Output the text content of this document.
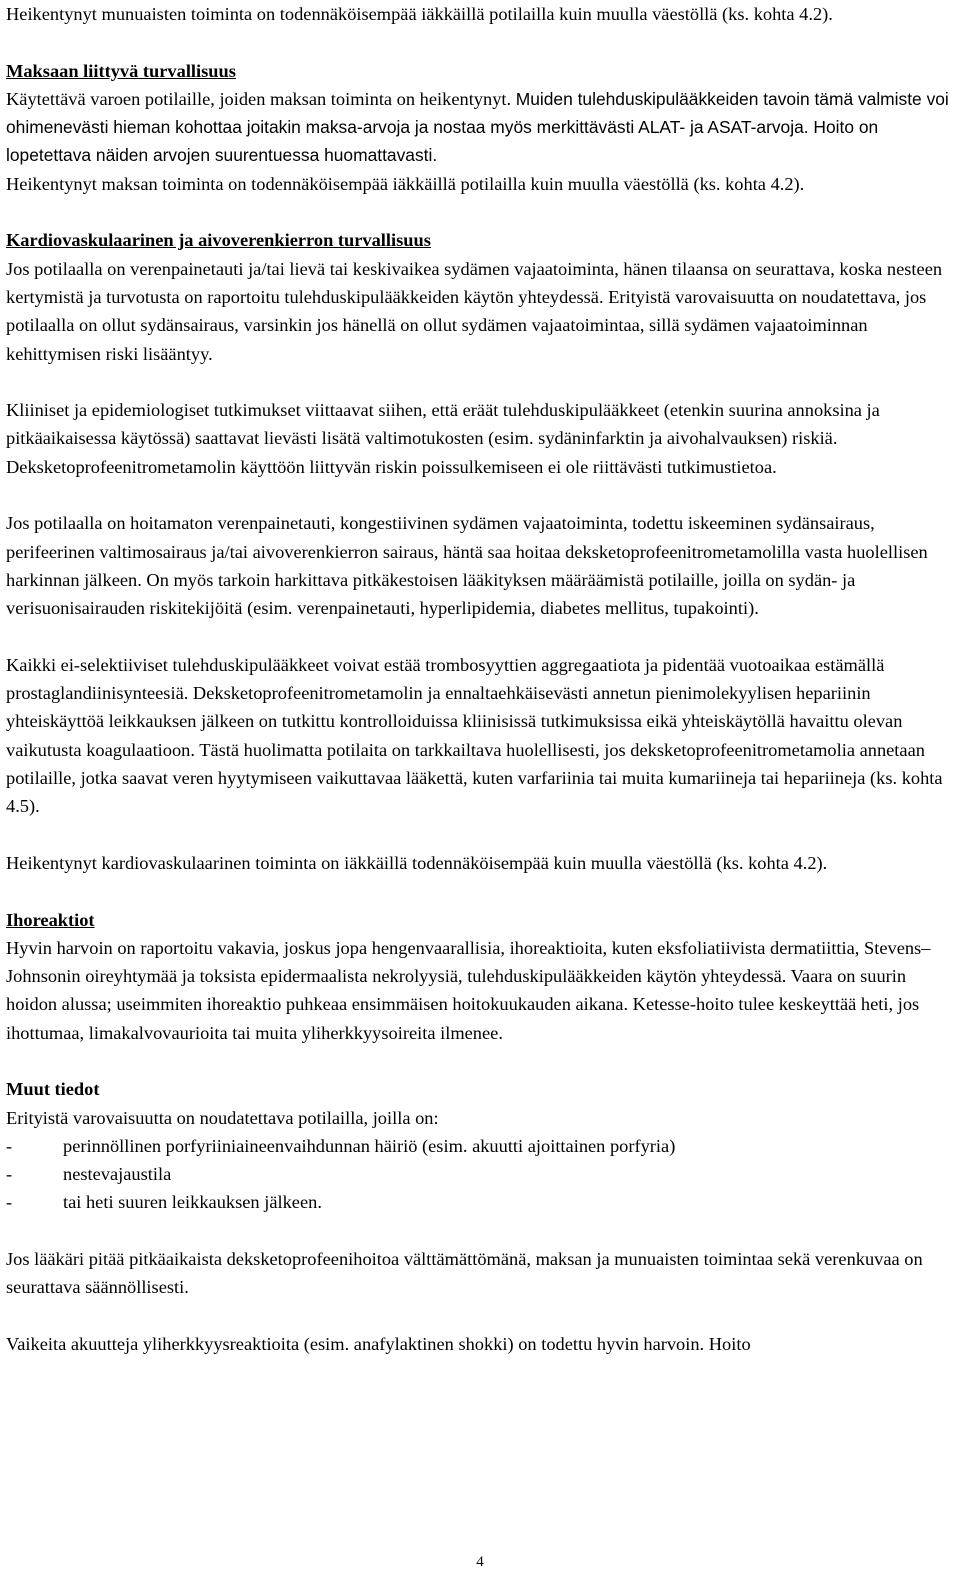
Heikentynyt munuaisten toiminta on todennäköisempää iäkkäillä potilailla kuin muulla väestöllä (ks. kohta 4.2).

Maksaan liittyvä turvallisuus

Käytettävä varoen potilaille, joiden maksan toiminta on heikentynyt. Muiden tulehduskipulääkkeiden tavoin tämä valmiste voi ohimenevästi hieman kohottaa joitakin maksa-arvoja ja nostaa myös merkittävästi ALAT- ja ASAT-arvoja. Hoito on lopetettava näiden arvojen suurentuessa huomattavasti.

Heikentynyt maksan toiminta on todennäköisempää iäkkäillä potilailla kuin muulla väestöllä (ks. kohta 4.2).

Kardiovaskulaarinen ja aivoverenkierron turvallisuus

Jos potilaalla on verenpainetauti ja/tai lievä tai keskivaikea sydämen vajaatoiminta, hänen tilaansa on seurattava, koska nesteen kertymistä ja turvotusta on raportoitu tulehduskipulääkkeiden käytön yhteydessä. Erityistä varovaisuutta on noudatettava, jos potilaalla on ollut sydänsairaus, varsinkin jos hänellä on ollut sydämen vajaatoimintaa, sillä sydämen vajaatoiminnan kehittymisen riski lisääntyy.

Kliiniset ja epidemiologiset tutkimukset viittaavat siihen, että eräät tulehduskipulääkkeet (etenkin suurina annoksina ja pitkäaikaisessa käytössä) saattavat lievästi lisätä valtimotukosten (esim. sydäninfarktin ja aivohalvauksen) riskiä. Deksketoprofeenitrometamolin käyttöön liittyvän riskin poissulkemiseen ei ole riittävästi tutkimustietoa.

Jos potilaalla on hoitamaton verenpainetauti, kongestiivinen sydämen vajaatoiminta, todettu iskeeminen sydänsairaus, perifeerinen valtimosairaus ja/tai aivoverenkierron sairaus, häntä saa hoitaa deksketoprofeenitrometamolilla vasta huolellisen harkinnan jälkeen. On myös tarkoin harkittava pitkäkestoisen lääkityksen määräämistä potilaille, joilla on sydän- ja verisuonisairauden riskitekijöitä (esim. verenpainetauti, hyperlipidemia, diabetes mellitus, tupakointi).

Kaikki ei-selektiiviset tulehduskipulääkkeet voivat estää trombosyyttien aggregaatiota ja pidentää vuotoaikaa estämällä prostaglandiinisynteesiä. Deksketoprofeenitrometamolin ja ennaltaehkäisevästi annetun pienimolekyylisen hepariinin yhteiskäyttöä leikkauksen jälkeen on tutkittu kontrolloiduissa kliinisissä tutkimuksissa eikä yhteiskäytöllä havaittu olevan vaikutusta koagulaatioon. Tästä huolimatta potilaita on tarkkailtava huolellisesti, jos deksketoprofeenitrometamolia annetaan potilaille, jotka saavat veren hyytymiseen vaikuttavaa lääkettä, kuten varfariinia tai muita kumariineja tai hepariineja (ks. kohta 4.5).

Heikentynyt kardiovaskulaarinen toiminta on iäkkäillä todennäköisempää kuin muulla väestöllä (ks. kohta 4.2).

Ihoreaktiot

Hyvin harvoin on raportoitu vakavia, joskus jopa hengenvaarallisia, ihoreaktioita, kuten eksfoliatiivista dermatiittia, Stevens–Johnsonin oireyhtymää ja toksista epidermaalista nekrolyysiä, tulehduskipulääkkeiden käytön yhteydessä. Vaara on suurin hoidon alussa; useimmiten ihoreaktio puhkeaa ensimmäisen hoitokuukauden aikana. Ketesse-hoito tulee keskeyttää heti, jos ihottumaa, limakalvovaurioita tai muita yliherkkyysoireita ilmenee.

Muut tiedot

Erityistä varovaisuutta on noudatettava potilailla, joilla on:

-	perinnöllinen porfyriiniaineenvaihdunnan häiriö (esim. akuutti ajoittainen porfyria)
-	nestevajaustila
-	tai heti suuren leikkauksen jälkeen.

Jos lääkäri pitää pitkäaikaista deksketoprofeenihoitoa välttämättömänä, maksan ja munuaisten toimintaa sekä verenkuvaa on seurattava säännöllisesti.

Vaikeita akuutteja yliherkkyysreaktioita (esim. anafylaktinen shokki) on todettu hyvin harvoin. Hoito

4
